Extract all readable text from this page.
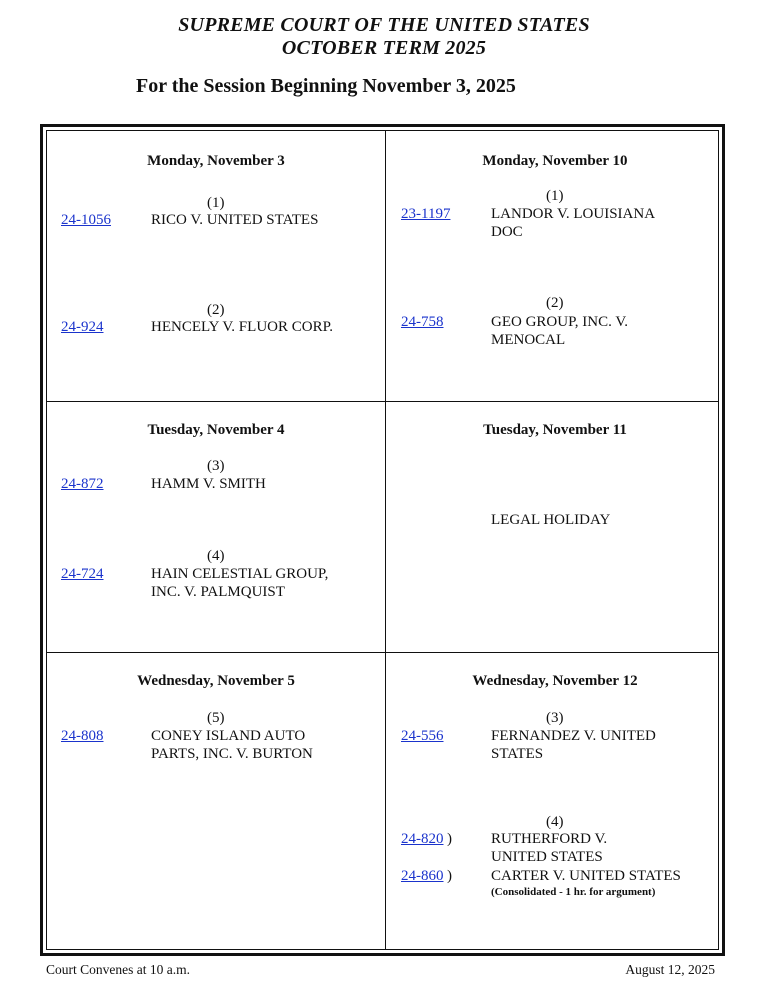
SUPREME COURT OF THE UNITED STATES
OCTOBER TERM 2025
For the Session Beginning November 3, 2025
Monday, November 3
(1)
24-1056	RICO V. UNITED STATES
(2)
24-924	HENCELY V. FLUOR CORP.
Monday, November 10
(1)
23-1197	LANDOR V. LOUISIANA
DOC
(2)
24-758	GEO GROUP, INC. V.
MENOCAL
Tuesday, November 4
(3)
24-872	HAMM V. SMITH
(4)
24-724	HAIN CELESTIAL GROUP,
INC. V. PALMQUIST
Tuesday, November 11
LEGAL HOLIDAY
Wednesday, November 5
(5)
24-808	CONEY ISLAND AUTO
PARTS, INC. V. BURTON
Wednesday, November 12
(3)
24-556	FERNANDEZ V. UNITED
STATES
(4)
24-820 )	RUTHERFORD V.
UNITED STATES
24-860 )	CARTER V. UNITED STATES
(Consolidated - 1 hr. for argument)
Court Convenes at 10 a.m.	August 12, 2025
